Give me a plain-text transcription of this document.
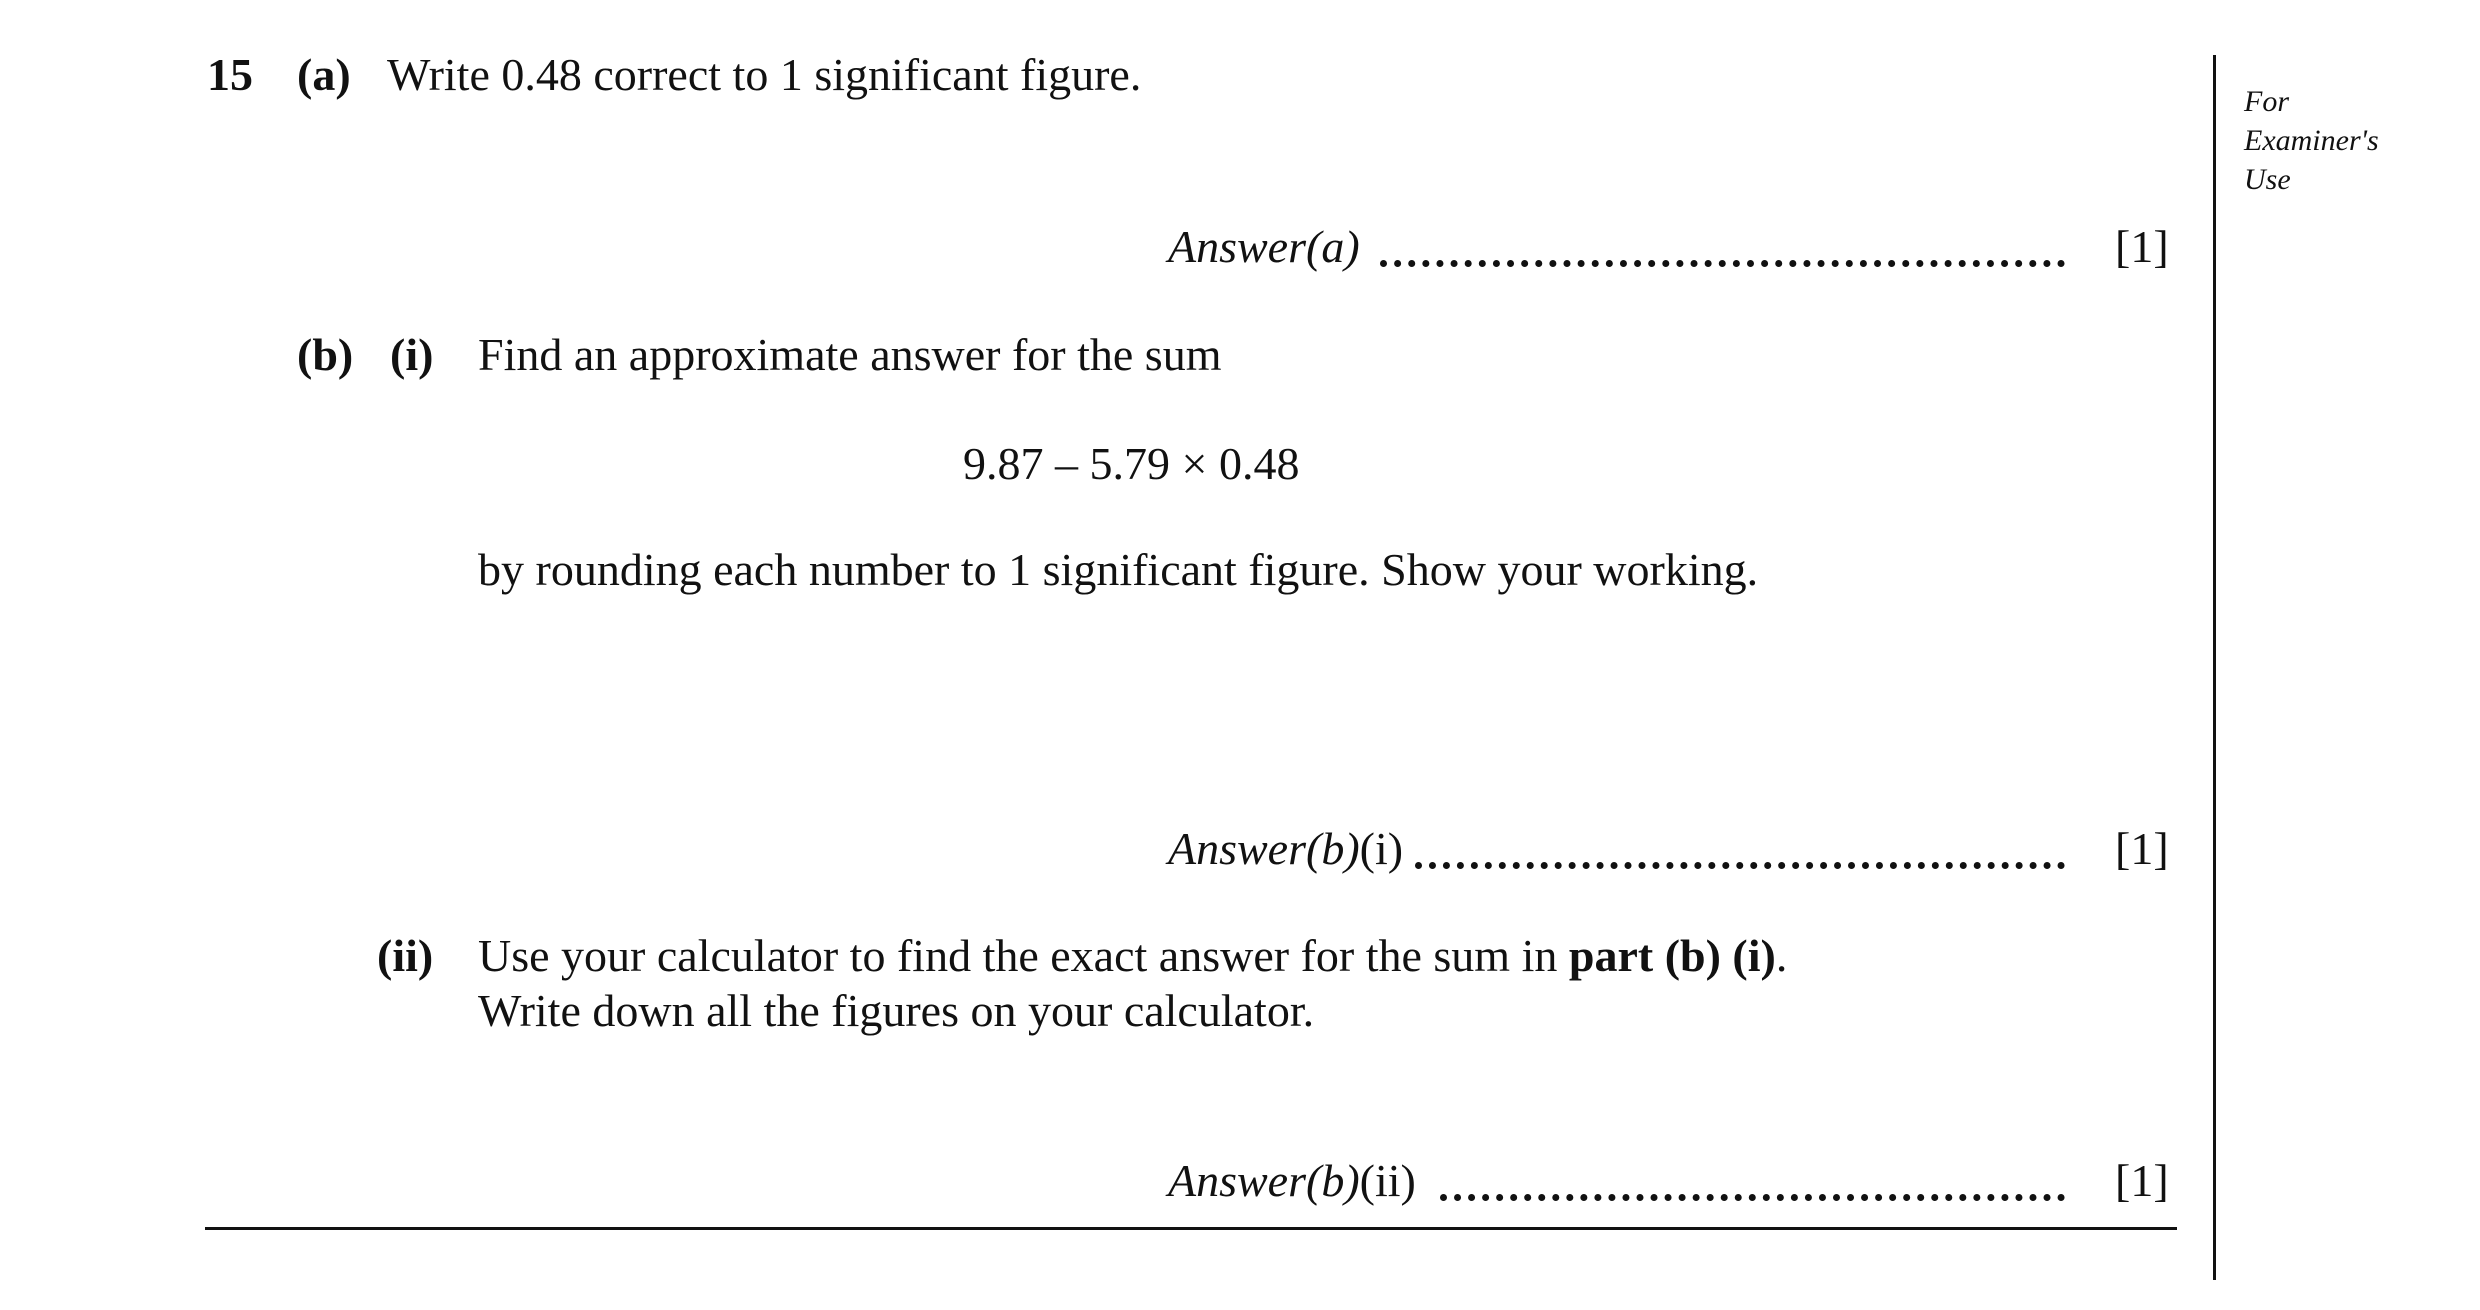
15 (a) Write 0.48 correct to 1 significant figure.
Answer(a)	[1]
(b) (i) Find an approximate answer for the sum
9.87 – 5.79 × 0.48
by rounding each number to 1 significant figure. Show your working.
Answer(b)(i)	[1]
(ii) Use your calculator to find the exact answer for the sum in part (b) (i).
Write down all the figures on your calculator.
Answer(b)(ii)	[1]
For
Examiner's
Use
